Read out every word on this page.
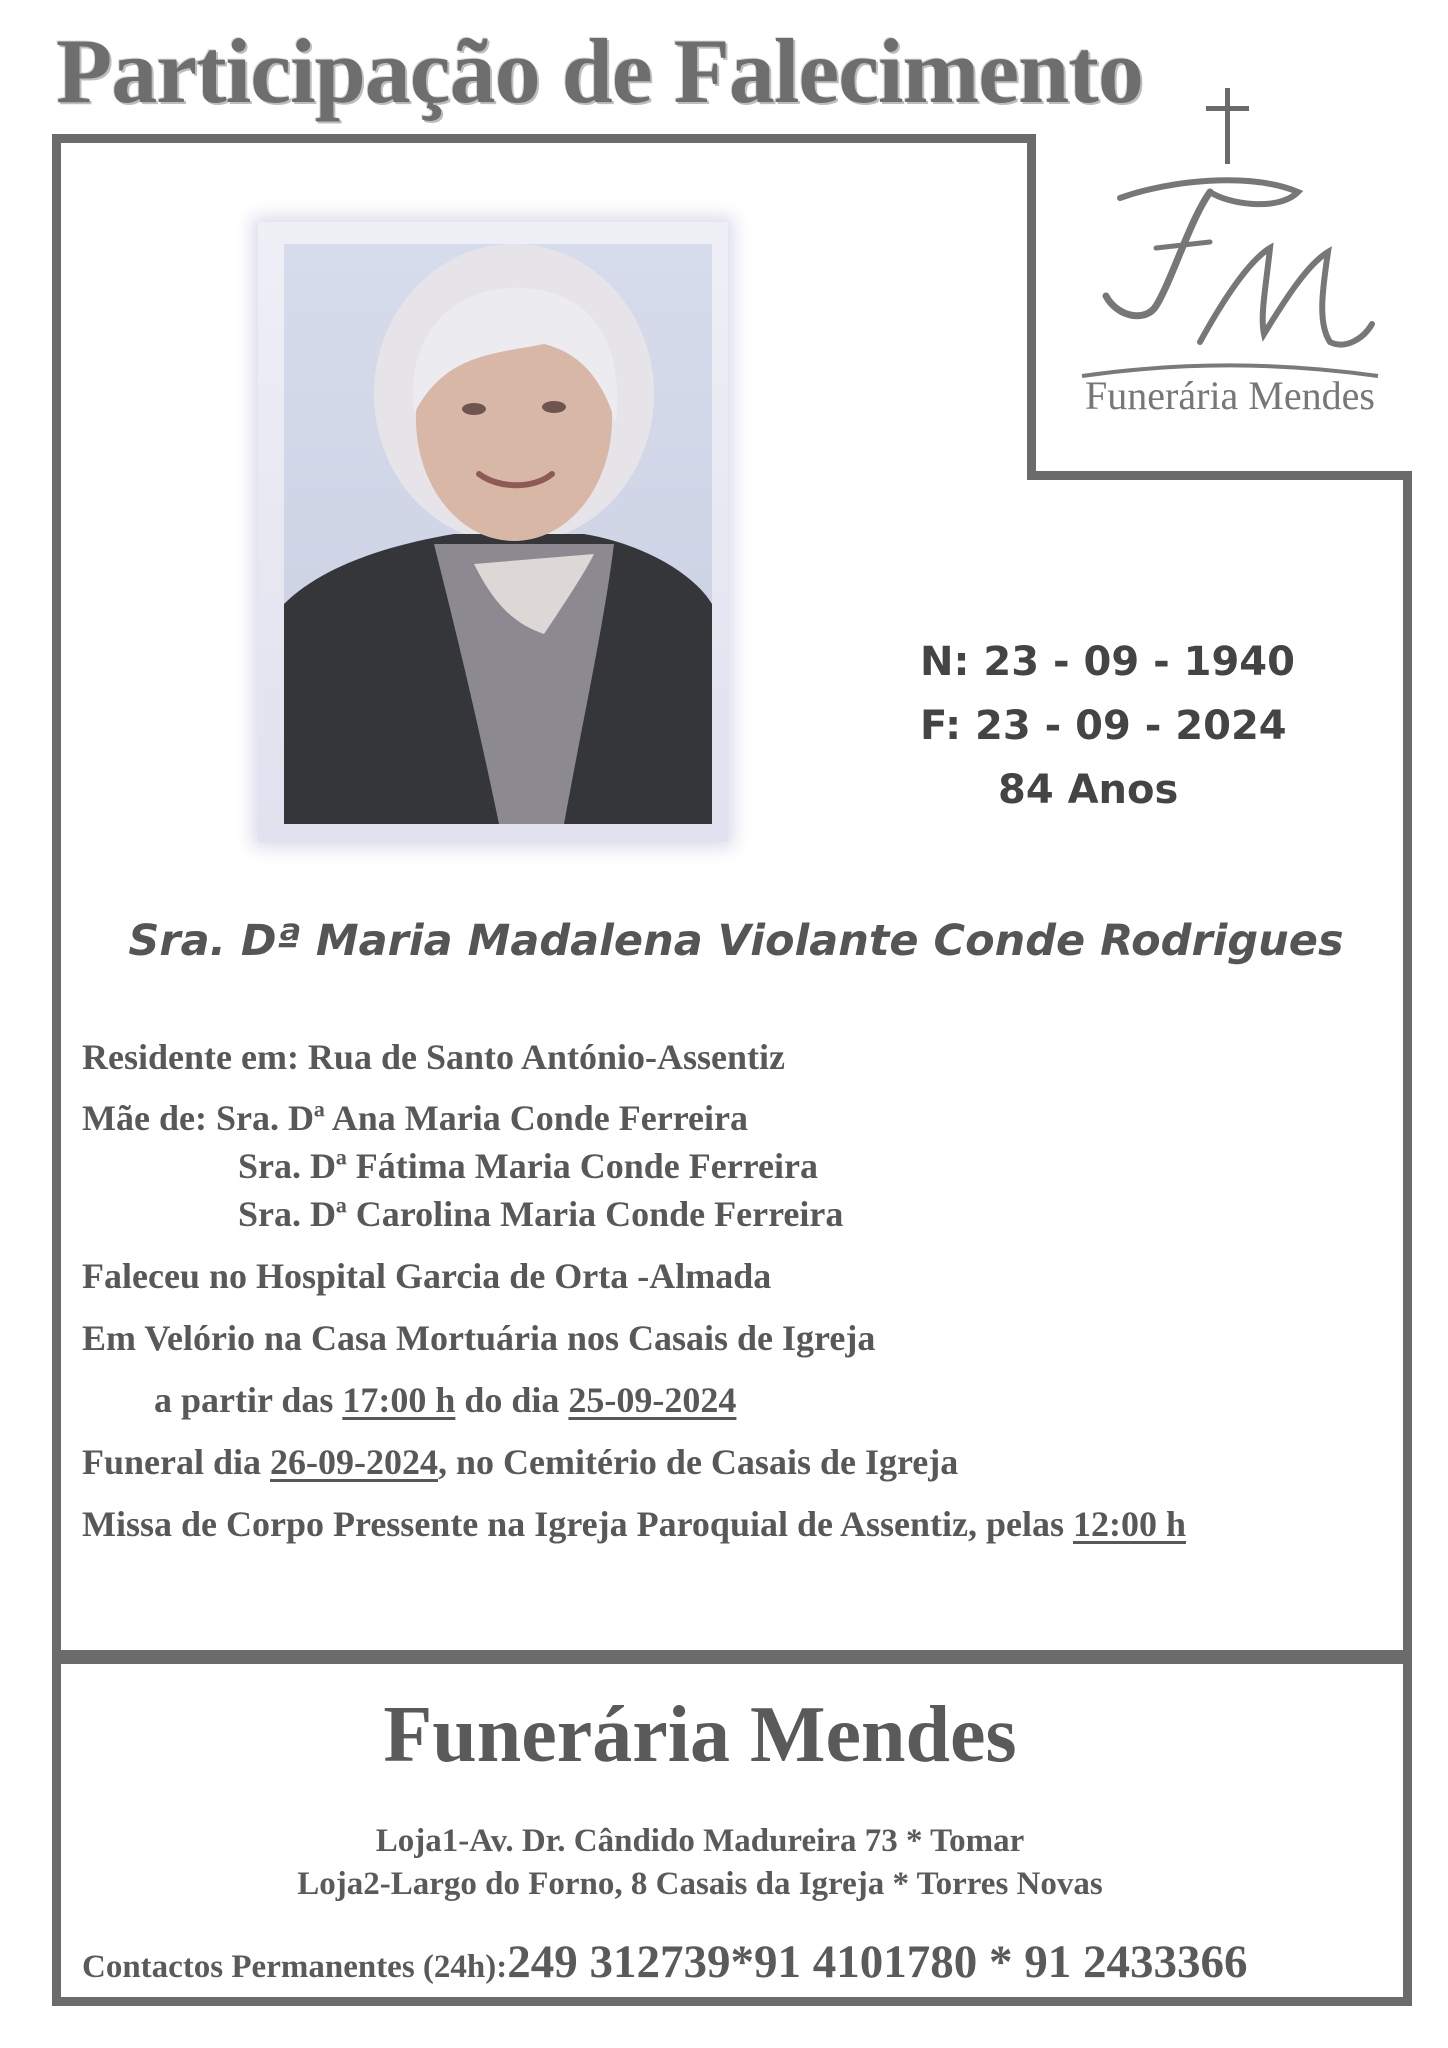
Participação de Falecimento
Funerária Mendes
N: 23 - 09 - 1940
F: 23 - 09 - 2024
84 Anos
Sra. Dª Maria Madalena Violante Conde Rodrigues
Residente em: Rua de Santo António-Assentiz
Mãe de: Sra. Dª Ana Maria Conde Ferreira
Sra. Dª Fátima Maria Conde Ferreira
Sra. Dª Carolina Maria Conde Ferreira
Faleceu no Hospital Garcia de Orta -Almada
Em Velório na Casa Mortuária nos Casais de Igreja
a partir das 17:00 h do dia 25-09-2024
Funeral dia 26-09-2024, no Cemitério de Casais de Igreja
Missa de Corpo Pressente na Igreja Paroquial de Assentiz, pelas 12:00 h
Funerária Mendes
Loja1-Av. Dr. Cândido Madureira 73 * Tomar
Loja2-Largo do Forno, 8 Casais da Igreja * Torres Novas
Contactos Permanentes (24h):249 312739*91 4101780 * 91 2433366
